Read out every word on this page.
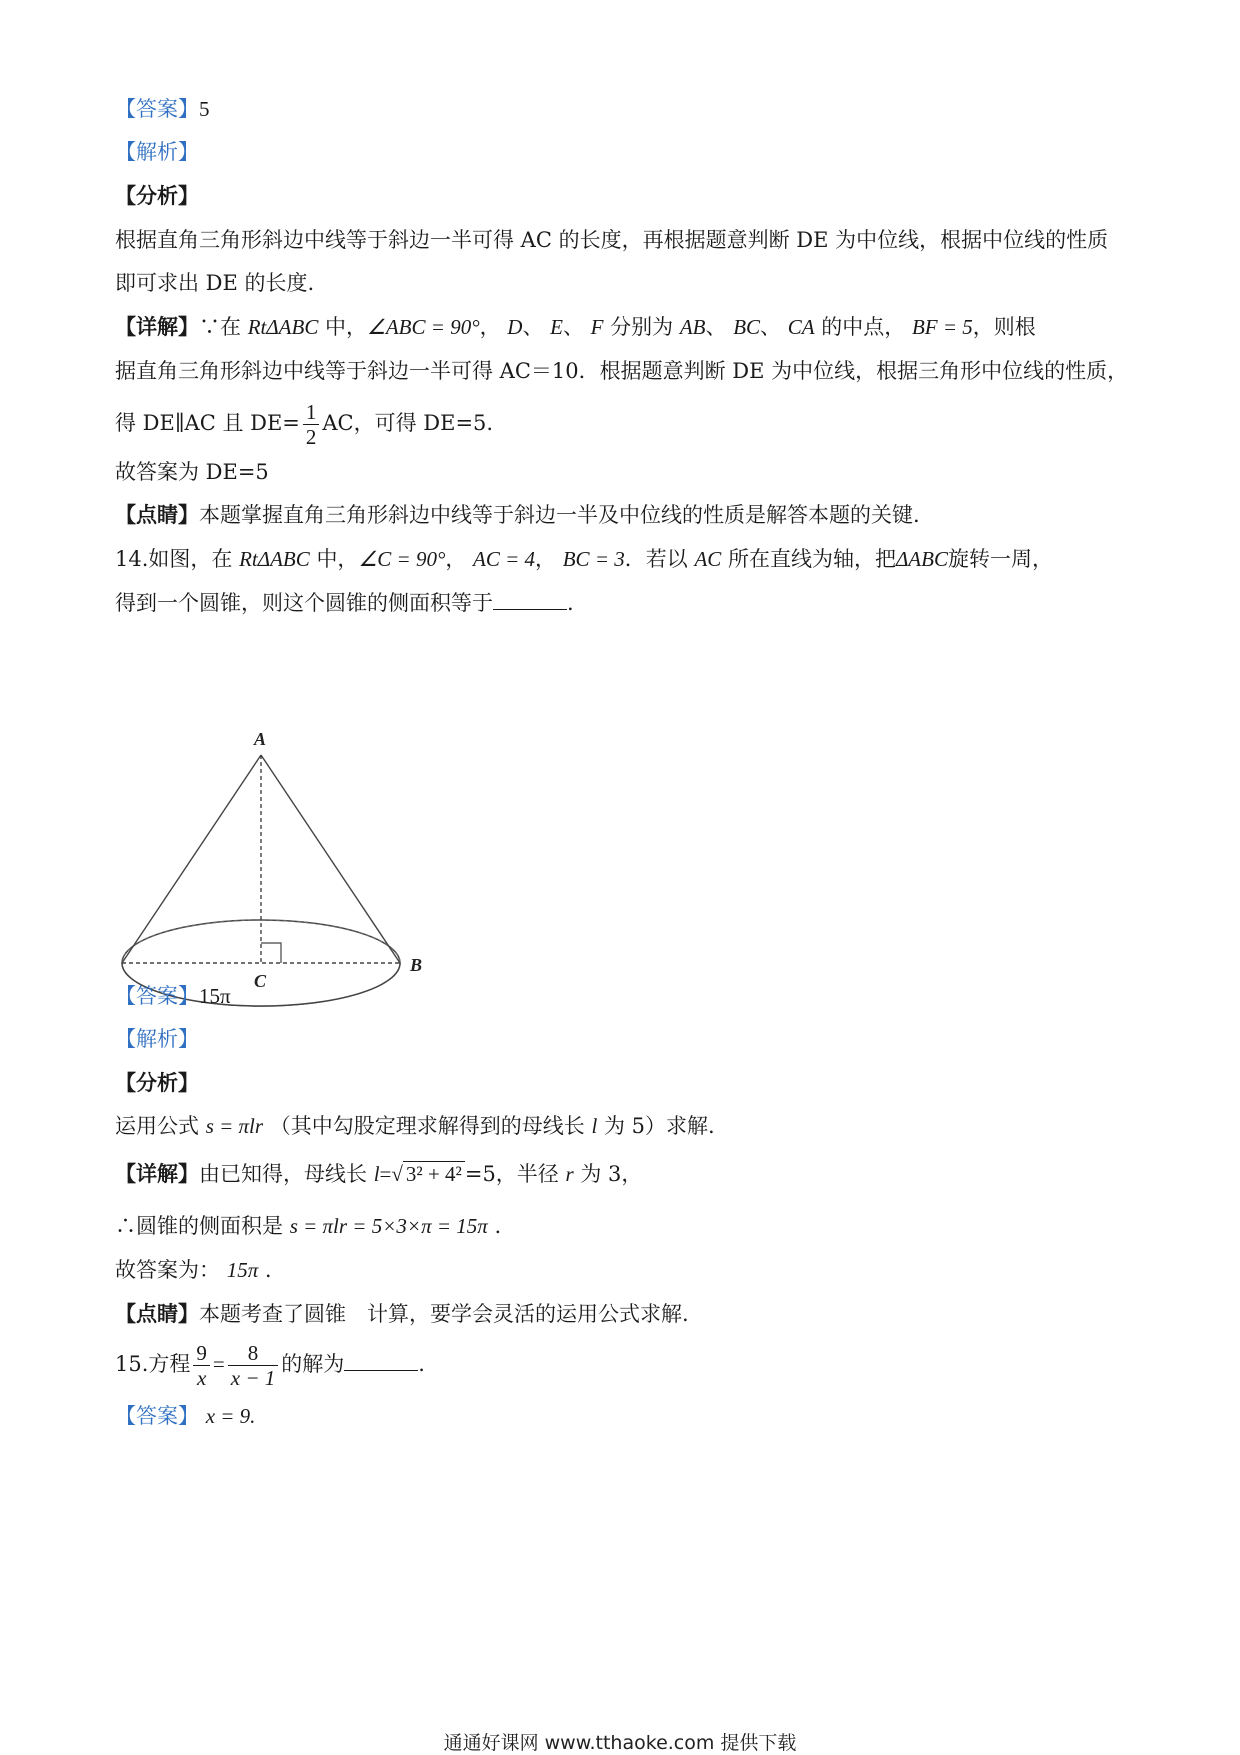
【答案】5
【解析】
【分析】
根据直角三角形斜边中线等于斜边一半可得 AC 的长度，再根据题意判断 DE 为中位线，根据中位线的性质
即可求出 DE 的长度.
【详解】∵在 RtΔABC 中，∠ABC = 90°， D、 E、 F 分别为 AB、 BC、 CA 的中点， BF = 5，则根
据直角三角形斜边中线等于斜边一半可得 AC＝10．根据题意判断 DE 为中位线，根据三角形中位线的性质，
得 DE∥AC 且 $DE= \frac{1}{2}$ AC，可得 DE=5.
故答案为 DE=5
【点睛】本题掌握直角三角形斜边中线等于斜边一半及中位线的性质是解答本题的关键.
14.如图，在 RtΔABC 中，∠C = 90°， AC = 4， BC = 3．若以 AC 所在直线为轴，把ΔABC旋转一周，
得到一个圆锥，则这个圆锥的侧面积等于	.
A
B
C
【答案】15π
【解析】
【分析】
运用公式 s = πlr （其中勾股定理求解得到的母线长 l 为 5）求解.
【详解】由已知得，母线长 l=√ 3² + 4² =5，半径 r 为 3，
∴圆锥的侧面积是 s = πlr = 5×3×π = 15π .
故答案为： 15π .
【点睛】本题考查了圆锥　计算，要学会灵活的运用公式求解.
15.方程 $\frac{9}{x} = \frac{8}{x - 1}$ 的解为	.
【答案】 x = 9.
通通好课网 www.tthaoke.com 提供下载
